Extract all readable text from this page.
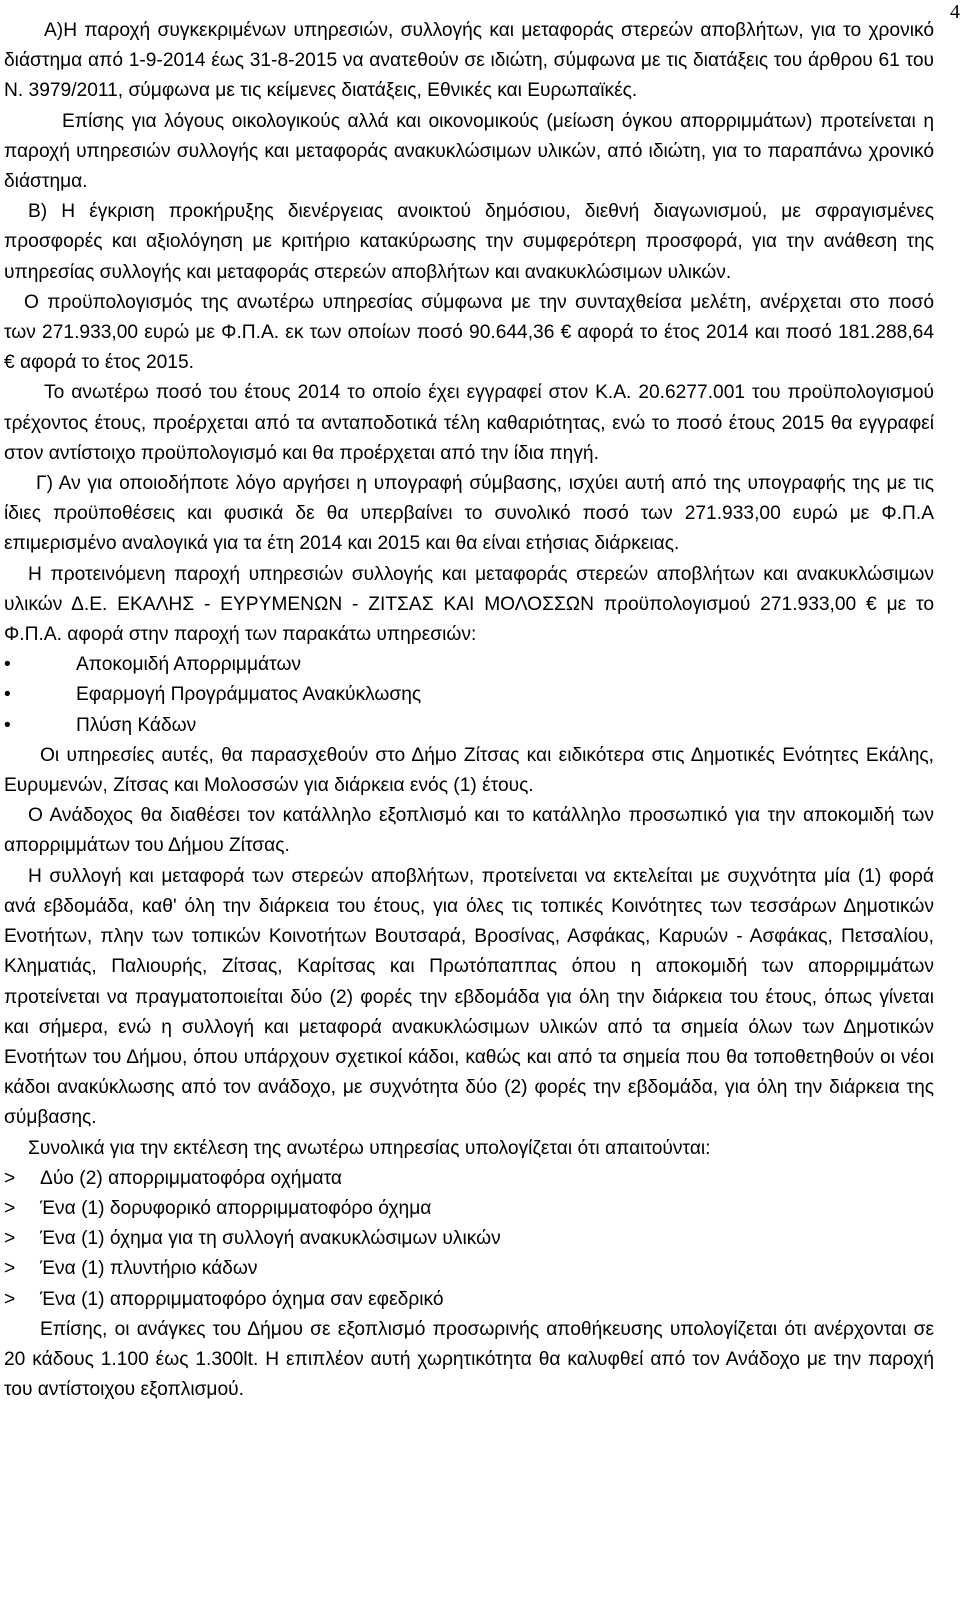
4

Α)Η παροχή συγκεκριμένων υπηρεσιών, συλλογής και μεταφοράς στερεών αποβλήτων, για το χρονικό διάστημα από 1-9-2014 έως 31-8-2015 να ανατεθούν σε ιδιώτη, σύμφωνα με τις διατάξεις του άρθρου 61 του Ν. 3979/2011, σύμφωνα με τις κείμενες διατάξεις, Εθνικές και Ευρωπαϊκές.

Επίσης για λόγους οικολογικούς αλλά και οικονομικούς (μείωση όγκου απορριμμάτων) προτείνεται η παροχή υπηρεσιών συλλογής και μεταφοράς ανακυκλώσιμων υλικών, από ιδιώτη, για το παραπάνω χρονικό διάστημα.

Β) Η έγκριση προκήρυξης διενέργειας ανοικτού δημόσιου, διεθνή διαγωνισμού, με σφραγισμένες προσφορές και αξιολόγηση με κριτήριο κατακύρωσης την συμφερότερη προσφορά, για την ανάθεση της υπηρεσίας συλλογής και μεταφοράς στερεών αποβλήτων και ανακυκλώσιμων υλικών.

Ο προϋπολογισμός της ανωτέρω υπηρεσίας σύμφωνα με την συνταχθείσα μελέτη, ανέρχεται στο ποσό των 271.933,00 ευρώ με Φ.Π.Α. εκ των οποίων ποσό 90.644,36 € αφορά το έτος 2014 και ποσό 181.288,64 € αφορά το έτος 2015.

Το ανωτέρω ποσό του έτους 2014 το οποίο έχει εγγραφεί στον Κ.Α. 20.6277.001 του προϋπολογισμού τρέχοντος έτους, προέρχεται από τα ανταποδοτικά τέλη καθαριότητας, ενώ το ποσό έτους 2015 θα εγγραφεί στον αντίστοιχο προϋπολογισμό και θα προέρχεται από την ίδια πηγή.

Γ) Αν για οποιοδήποτε λόγο αργήσει η υπογραφή σύμβασης, ισχύει αυτή από της υπογραφής της με τις ίδιες προϋποθέσεις και φυσικά δε θα υπερβαίνει το συνολικό ποσό των 271.933,00 ευρώ με Φ.Π.Α επιμερισμένο αναλογικά για τα έτη 2014 και 2015 και θα είναι ετήσιας διάρκειας.

Η προτεινόμενη παροχή υπηρεσιών συλλογής και μεταφοράς στερεών αποβλήτων και ανακυκλώσιμων υλικών Δ.Ε. ΕΚΑΛΗΣ - ΕΥΡΥΜΕΝΩΝ - ΖΙΤΣΑΣ ΚΑΙ ΜΟΛΟΣΣΩΝ προϋπολογισμού 271.933,00 € με το Φ.Π.Α. αφορά στην παροχή των παρακάτω υπηρεσιών:

•	Αποκομιδή Απορριμμάτων
•	Εφαρμογή Προγράμματος Ανακύκλωσης
•	Πλύση Κάδων

Οι υπηρεσίες αυτές, θα παρασχεθούν στο Δήμο Ζίτσας και ειδικότερα στις Δημοτικές Ενότητες Εκάλης, Ευρυμενών, Ζίτσας και Μολοσσών για διάρκεια ενός (1) έτους.

Ο Ανάδοχος θα διαθέσει τον κατάλληλο εξοπλισμό και το κατάλληλο προσωπικό για την αποκομιδή των απορριμμάτων του Δήμου Ζίτσας.

Η συλλογή και μεταφορά των στερεών αποβλήτων, προτείνεται να εκτελείται με συχνότητα μία (1) φορά ανά εβδομάδα, καθ' όλη την διάρκεια του έτους, για όλες τις τοπικές Κοινότητες των τεσσάρων Δημοτικών Ενοτήτων, πλην των τοπικών Κοινοτήτων Βουτσαρά, Βροσίνας, Ασφάκας, Καρυών - Ασφάκας, Πετσαλίου, Κληματιάς, Παλιουρής, Ζίτσας, Καρίτσας και Πρωτόπαππας όπου η αποκομιδή των απορριμμάτων προτείνεται να πραγματοποιείται δύο (2) φορές την εβδομάδα για όλη την διάρκεια του έτους, όπως γίνεται και σήμερα, ενώ η συλλογή και μεταφορά ανακυκλώσιμων υλικών από τα σημεία όλων των Δημοτικών Ενοτήτων του Δήμου, όπου υπάρχουν σχετικοί κάδοι, καθώς και από τα σημεία που θα τοποθετηθούν οι νέοι κάδοι ανακύκλωσης από τον ανάδοχο, με συχνότητα δύο (2) φορές την εβδομάδα, για όλη την διάρκεια της σύμβασης.

Συνολικά για την εκτέλεση της ανωτέρω υπηρεσίας υπολογίζεται ότι απαιτούνται:

>	Δύο (2) απορριμματοφόρα οχήματα
>	Ένα (1) δορυφορικό απορριμματοφόρο όχημα
>	Ένα (1) όχημα για τη συλλογή ανακυκλώσιμων υλικών
>	Ένα (1) πλυντήριο κάδων
>	Ένα (1) απορριμματοφόρο όχημα σαν εφεδρικό

Επίσης, οι ανάγκες του Δήμου σε εξοπλισμό προσωρινής αποθήκευσης υπολογίζεται ότι ανέρχονται σε 20 κάδους 1.100 έως 1.300lt. Η επιπλέον αυτή χωρητικότητα θα καλυφθεί από τον Ανάδοχο με την παροχή του αντίστοιχου εξοπλισμού.
